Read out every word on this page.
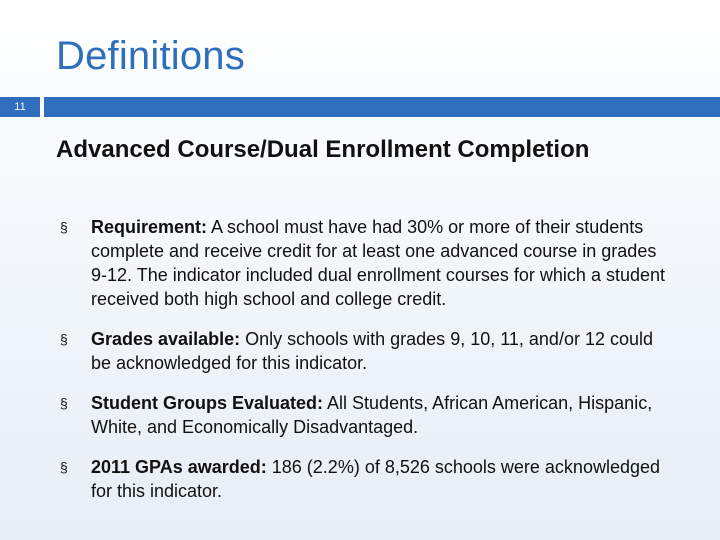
Definitions
11
Advanced Course/Dual Enrollment Completion
§	Requirement: A school must have had 30% or more of their students complete and receive credit for at least one advanced course in grades 9-12. The indicator included dual enrollment courses for which a student received both high school and college credit.
§	Grades available: Only schools with grades 9, 10, 11, and/or 12 could be acknowledged for this indicator.
§	Student Groups Evaluated: All Students, African American, Hispanic, White, and Economically Disadvantaged.
§	2011 GPAs awarded: 186 (2.2%) of 8,526 schools were acknowledged for this indicator.
